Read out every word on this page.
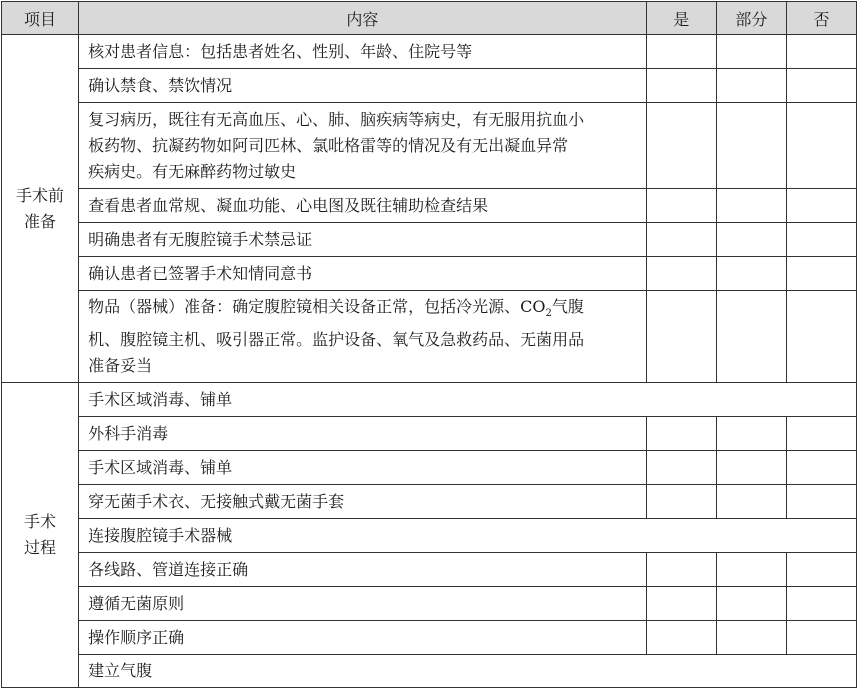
项目	内容	是	部分	否
手术前
准备	核对患者信息：包括患者姓名、性别、年龄、住院号等			
	确认禁食、禁饮情况			
	复习病历，既往有无高血压、心、肺、脑疾病等病史，有无服用抗血小
板药物、抗凝药物如阿司匹林、氯吡格雷等的情况及有无出凝血异常
疾病史。有无麻醉药物过敏史			
	查看患者血常规、凝血功能、心电图及既往辅助检查结果			
	明确患者有无腹腔镜手术禁忌证			
	确认患者已签署手术知情同意书			
	物品（器械）准备：确定腹腔镜相关设备正常，包括冷光源、$CO_2$气腹
机、腹腔镜主机、吸引器正常。监护设备、氧气及急救药品、无菌用品
准备妥当			
手术
过程	手术区域消毒、铺单			
	外科手消毒			
	手术区域消毒、铺单			
	穿无菌手术衣、无接触式戴无菌手套			
	连接腹腔镜手术器械			
	各线路、管道连接正确			
	遵循无菌原则			
	操作顺序正确			
	建立气腹			
